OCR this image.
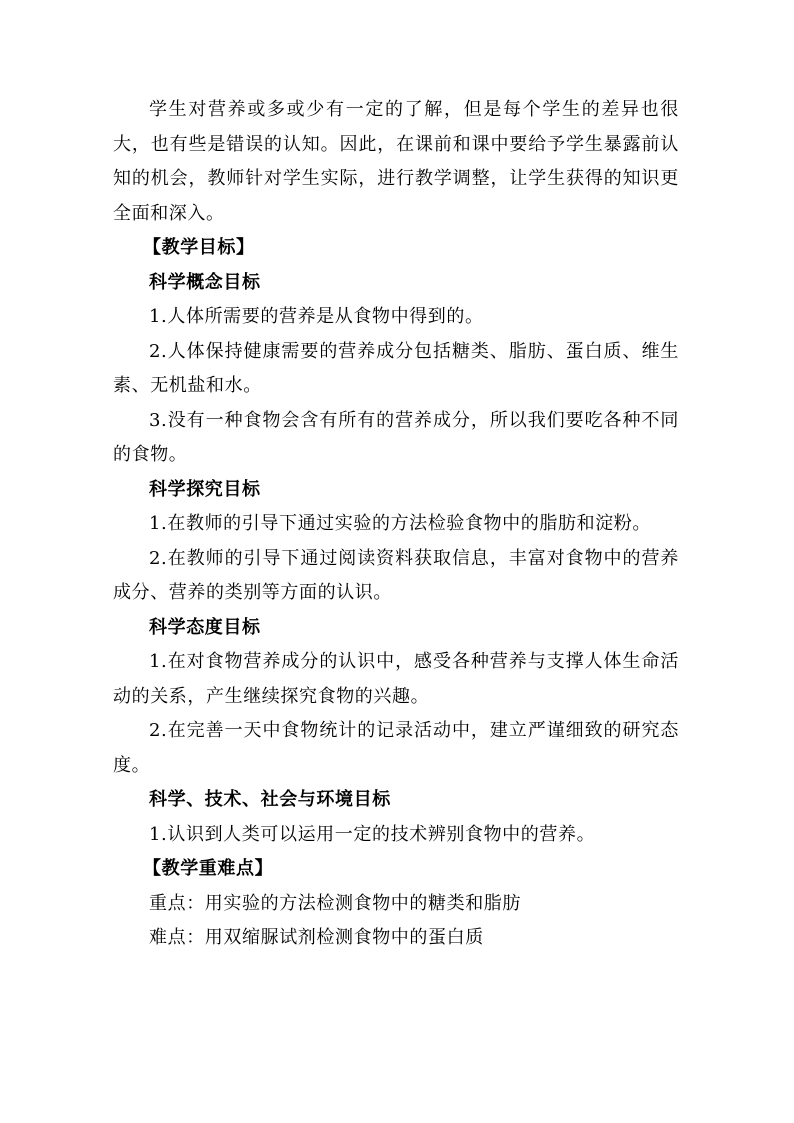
学生对营养或多或少有一定的了解，但是每个学生的差异也很大，也有些是错误的认知。因此，在课前和课中要给予学生暴露前认知的机会，教师针对学生实际，进行教学调整，让学生获得的知识更全面和深入。

【教学目标】

科学概念目标

1.人体所需要的营养是从食物中得到的。

2.人体保持健康需要的营养成分包括糖类、脂肪、蛋白质、维生素、无机盐和水。

3.没有一种食物会含有所有的营养成分，所以我们要吃各种不同的食物。

科学探究目标

1.在教师的引导下通过实验的方法检验食物中的脂肪和淀粉。

2.在教师的引导下通过阅读资料获取信息，丰富对食物中的营养成分、营养的类别等方面的认识。

科学态度目标

1.在对食物营养成分的认识中，感受各种营养与支撑人体生命活动的关系，产生继续探究食物的兴趣。

2.在完善一天中食物统计的记录活动中，建立严谨细致的研究态度。

科学、技术、社会与环境目标

1.认识到人类可以运用一定的技术辨别食物中的营养。

【教学重难点】

重点：用实验的方法检测食物中的糖类和脂肪

难点：用双缩脲试剂检测食物中的蛋白质
